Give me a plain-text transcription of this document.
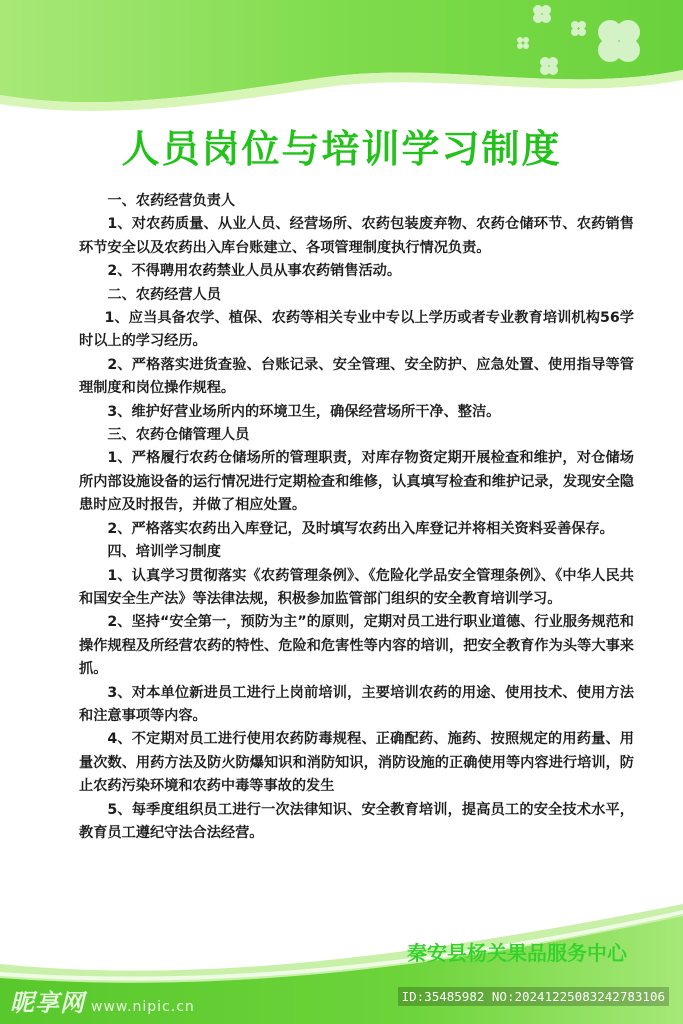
人员岗位与培训学习制度

一、农药经营负责人

1、对农药质量、从业人员、经营场所、农药包装废弃物、农药仓储环节、农药销售环节安全以及农药出入库台账建立、各项管理制度执行情况负责。

2、不得聘用农药禁业人员从事农药销售活动。

二、农药经营人员

1、应当具备农学、植保、农药等相关专业中专以上学历或者专业教育培训机构56学时以上的学习经历。

2、严格落实进货查验、台账记录、安全管理、安全防护、应急处置、使用指导等管理制度和岗位操作规程。

3、维护好营业场所内的环境卫生，确保经营场所干净、整洁。

三、农药仓储管理人员

1、严格履行农药仓储场所的管理职责，对库存物资定期开展检查和维护，对仓储场所内部设施设备的运行情况进行定期检查和维修，认真填写检查和维护记录，发现安全隐患时应及时报告，并做了相应处置。

2、严格落实农药出入库登记，及时填写农药出入库登记并将相关资料妥善保存。

四、培训学习制度

1、认真学习贯彻落实《农药管理条例》、《危险化学品安全管理条例》、《中华人民共和国安全生产法》等法律法规，积极参加监管部门组织的安全教育培训学习。

2、坚持“安全第一，预防为主”的原则，定期对员工进行职业道德、行业服务规范和操作规程及所经营农药的特性、危险和危害性等内容的培训，把安全教育作为头等大事来抓。

3、对本单位新进员工进行上岗前培训，主要培训农药的用途、使用技术、使用方法和注意事项等内容。

4、不定期对员工进行使用农药防毒规程、正确配药、施药、按照规定的用药量、用量次数、用药方法及防火防爆知识和消防知识，消防设施的正确使用等内容进行培训，防止农药污染环境和农药中毒等事故的发生

5、每季度组织员工进行一次法律知识、安全教育培训，提高员工的安全技术水平，教育员工遵纪守法合法经营。

秦安县杨关果品服务中心
昵享网 www.nipic.cn
ID:35485982 NO:20241225083242783106
